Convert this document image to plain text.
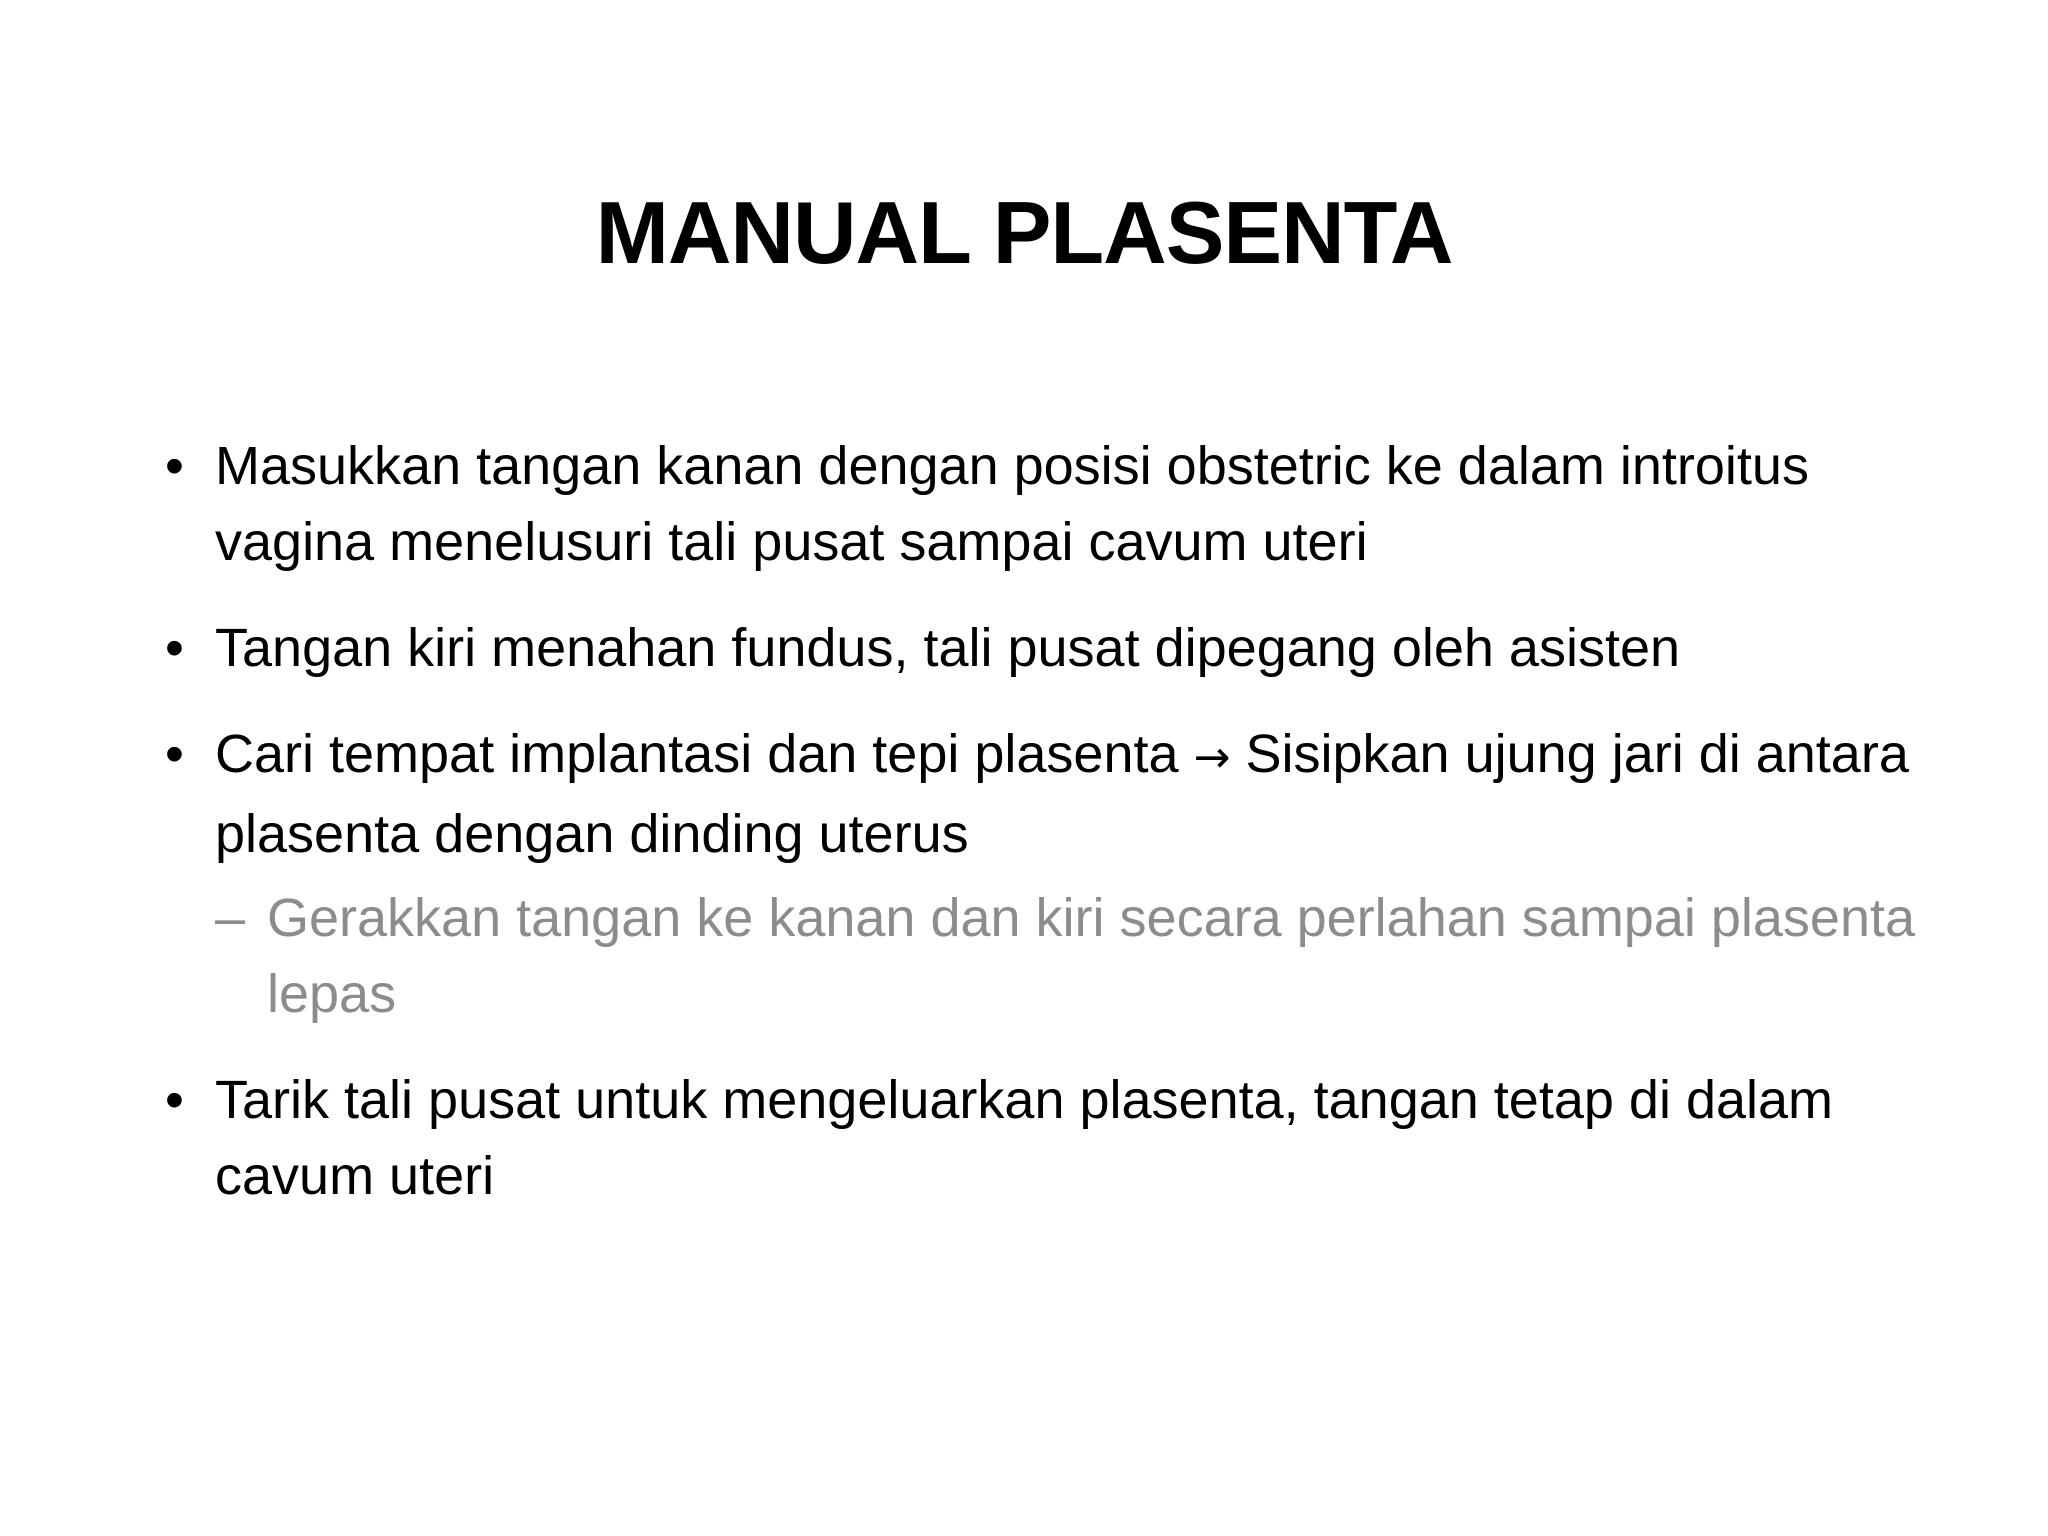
MANUAL PLASENTA
• Masukkan tangan kanan dengan posisi obstetric ke dalam introitus vagina menelusuri tali pusat sampai cavum uteri
• Tangan kiri menahan fundus, tali pusat dipegang oleh asisten
• Cari tempat implantasi dan tepi plasenta → Sisipkan ujung jari di antara plasenta dengan dinding uterus
– Gerakkan tangan ke kanan dan kiri secara perlahan sampai plasenta lepas
• Tarik tali pusat untuk mengeluarkan plasenta, tangan tetap di dalam cavum uteri
